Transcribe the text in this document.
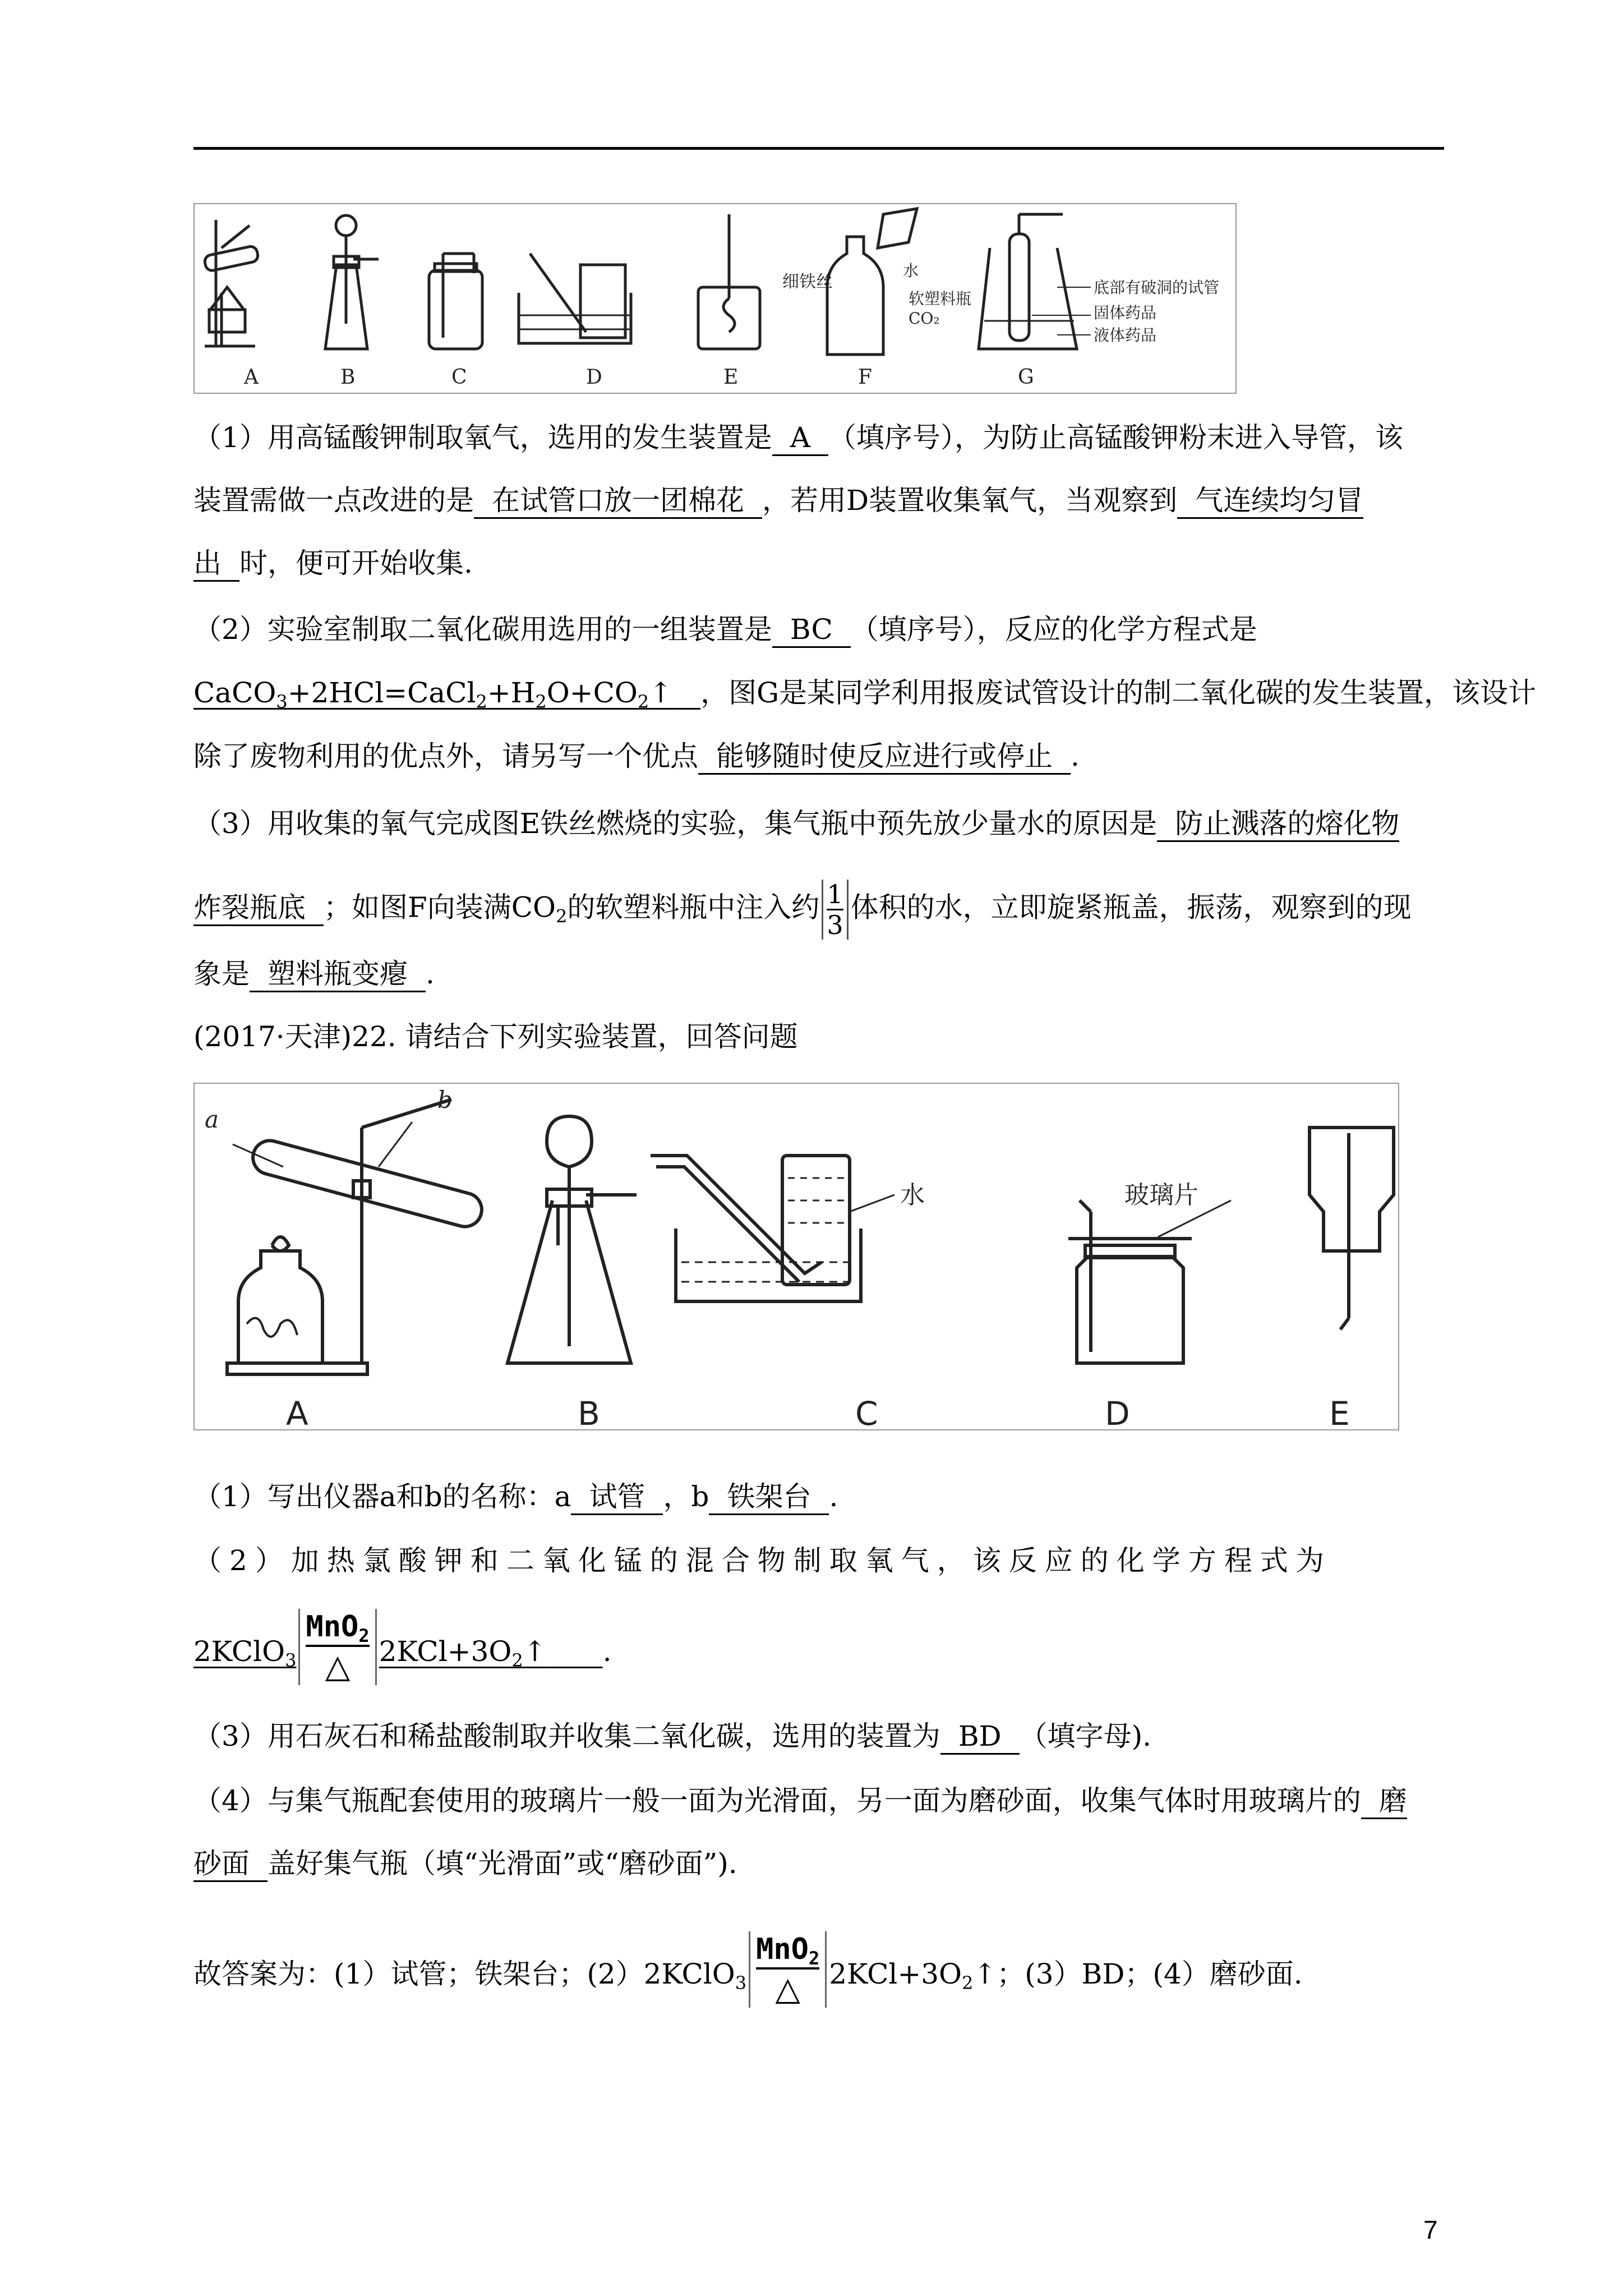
细铁丝
水
软塑料瓶
CO₂
底部有破洞的试管
固体药品
液体药品
A	B	C	D	E	F	G
（1）用高锰酸钾制取氧气，选用的发生装置是 A （填序号），为防止高锰酸钾粉末进入导管，该
装置需做一点改进的是 在试管口放一团棉花 ，若用D装置收集氧气，当观察到 气连续均匀冒
出 时，便可开始收集.
（2）实验室制取二氧化碳用选用的一组装置是 BC （填序号），反应的化学方程式是
$CaCO_3+2HCl=CaCl_2+H_2O+CO_2↑$  ，图G是某同学利用报废试管设计的制二氧化碳的发生装置，该设计
除了废物利用的优点外，请另写一个优点 能够随时使反应进行或停止 .
（3）用收集的氧气完成图E铁丝燃烧的实验，集气瓶中预先放少量水的原因是 防止溅落的熔化物
炸裂瓶底 ；如图F向装满$CO_2$的软塑料瓶中注入约 $\frac{1}{3}$ 体积的水，立即旋紧瓶盖，振荡，观察到的现
象是 塑料瓶变瘪 .
(2017·天津)22. 请结合下列实验装置，回答问题
a
b
水	玻璃片
A	B	C	D	E
（1）写出仪器a和b的名称：a 试管 ，b 铁架台 .
（2）加热氯酸钾和二氧化锰的混合物制取氧气，该反应的化学方程式为
2KClO$_3$
MnO$_2$
△	$2KCl+3O_2↑$   .
（3）用石灰石和稀盐酸制取并收集二氧化碳，选用的装置为 BD （填字母).
（4）与集气瓶配套使用的玻璃片一般一面为光滑面，另一面为磨砂面，收集气体时用玻璃片的 磨
砂面 盖好集气瓶（填“光滑面”或“磨砂面”).
故答案为：(1）试管；铁架台；(2）2KClO$_3$
MnO$_2$
△	$2KCl+3O_2↑$；(3）BD；(4）磨砂面.
7
